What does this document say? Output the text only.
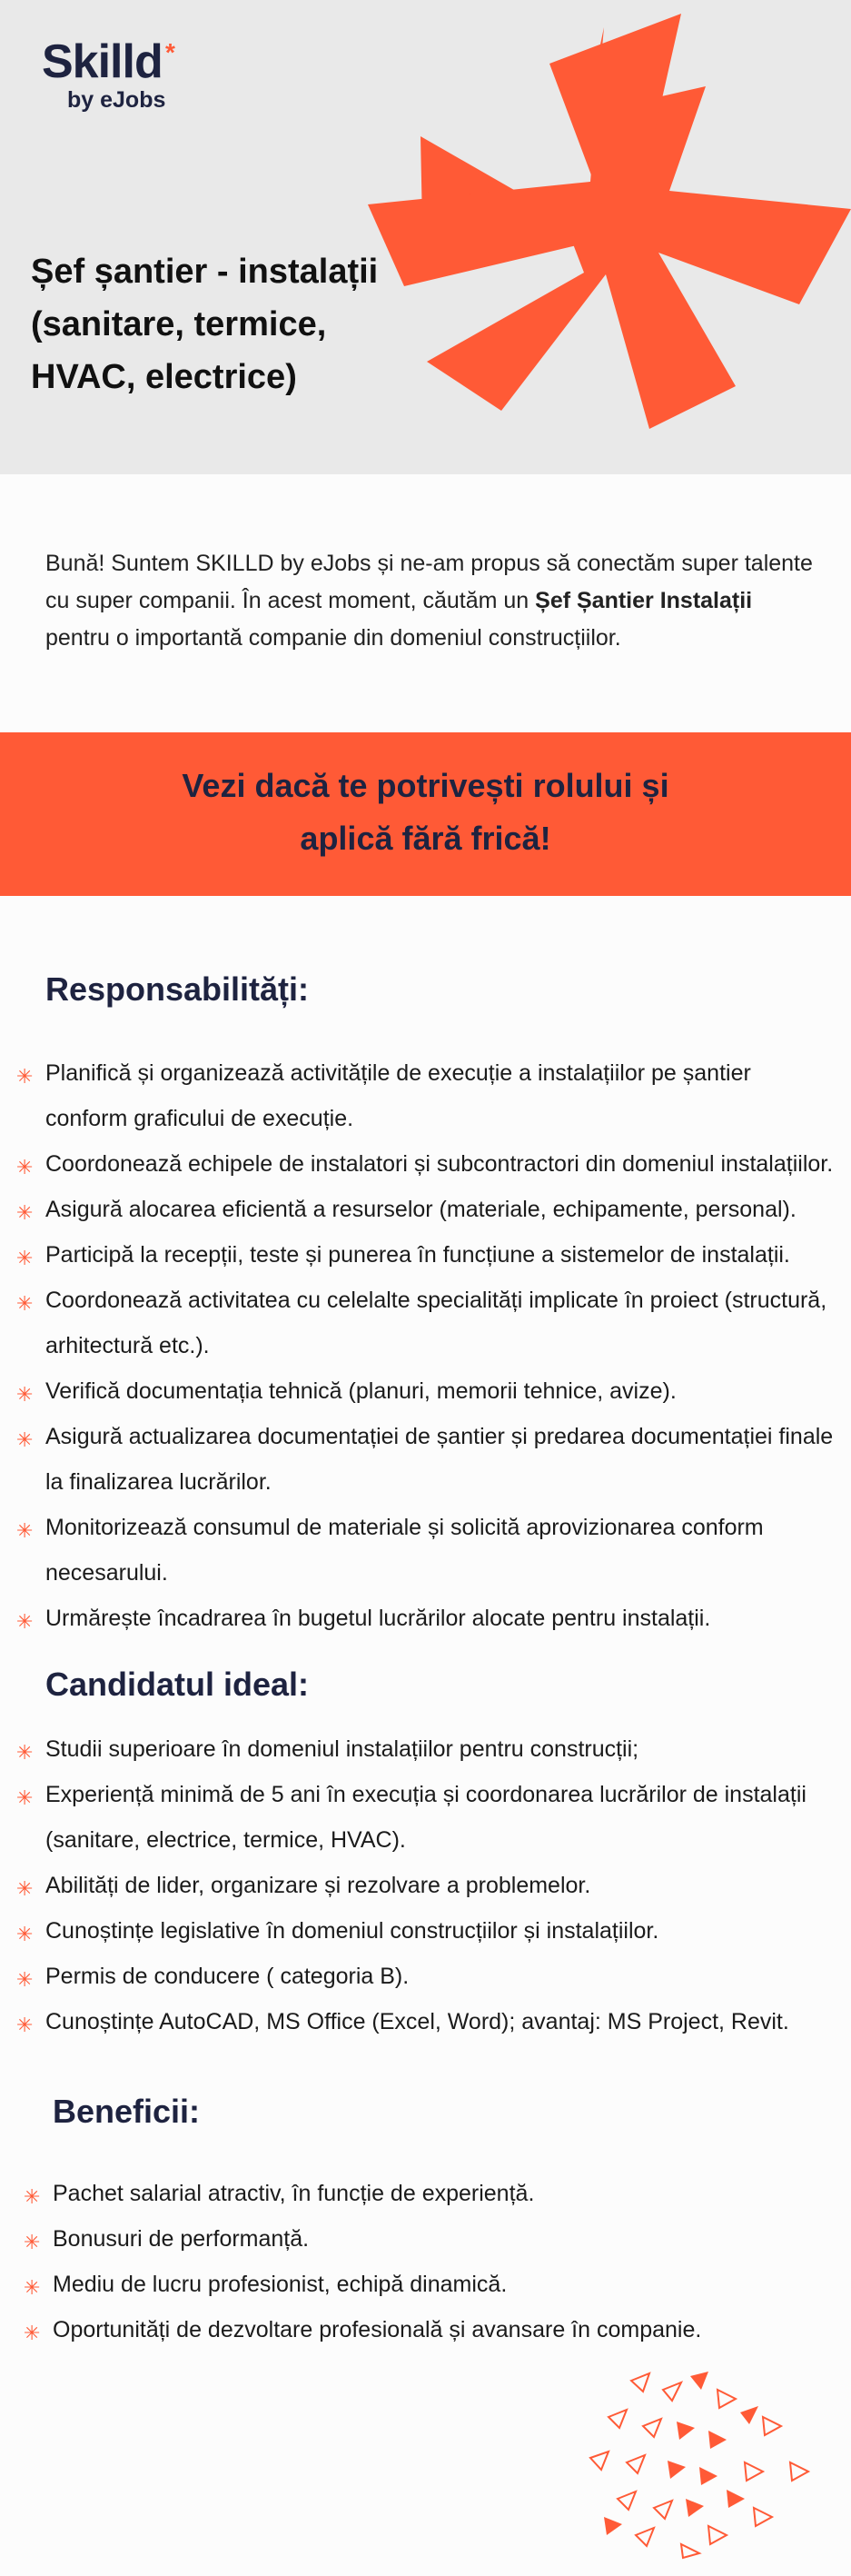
Skilld *
by eJobs
Șef șantier - instalații
(sanitare, termice,
HVAC, electrice)

Bună! Suntem SKILLD by eJobs și ne-am propus să conectăm super talente cu super companii. În acest moment, căutăm un Șef Șantier Instalații pentru o importantă companie din domeniul construcțiilor.

Vezi dacă te potrivești rolului și
aplică fără frică!

Responsabilități:
✳ Planifică și organizează activitățile de execuție a instalațiilor pe șantier conform graficului de execuție.
✳ Coordonează echipele de instalatori și subcontractori din domeniul instalațiilor.
✳ Asigură alocarea eficientă a resurselor (materiale, echipamente, personal).
✳ Participă la recepții, teste și punerea în funcțiune a sistemelor de instalații.
✳ Coordonează activitatea cu celelalte specialități implicate în proiect (structură, arhitectură etc.).
✳ Verifică documentația tehnică (planuri, memorii tehnice, avize).
✳ Asigură actualizarea documentației de șantier și predarea documentației finale la finalizarea lucrărilor.
✳ Monitorizează consumul de materiale și solicită aprovizionarea conform necesarului.
✳ Urmărește încadrarea în bugetul lucrărilor alocate pentru instalații.
Candidatul ideal:
✳ Studii superioare în domeniul instalațiilor pentru construcții;
✳ Experiență minimă de 5 ani în execuția și coordonarea lucrărilor de instalații (sanitare, electrice, termice, HVAC).
✳ Abilități de lider, organizare și rezolvare a problemelor.
✳ Cunoștințe legislative în domeniul construcțiilor și instalațiilor.
✳ Permis de conducere ( categoria B).
✳ Cunoștințe AutoCAD, MS Office (Excel, Word); avantaj: MS Project, Revit.
Beneficii:
✳ Pachet salarial atractiv, în funcție de experiență.
✳ Bonusuri de performanță.
✳ Mediu de lucru profesionist, echipă dinamică.
✳ Oportunități de dezvoltare profesională și avansare în companie.
